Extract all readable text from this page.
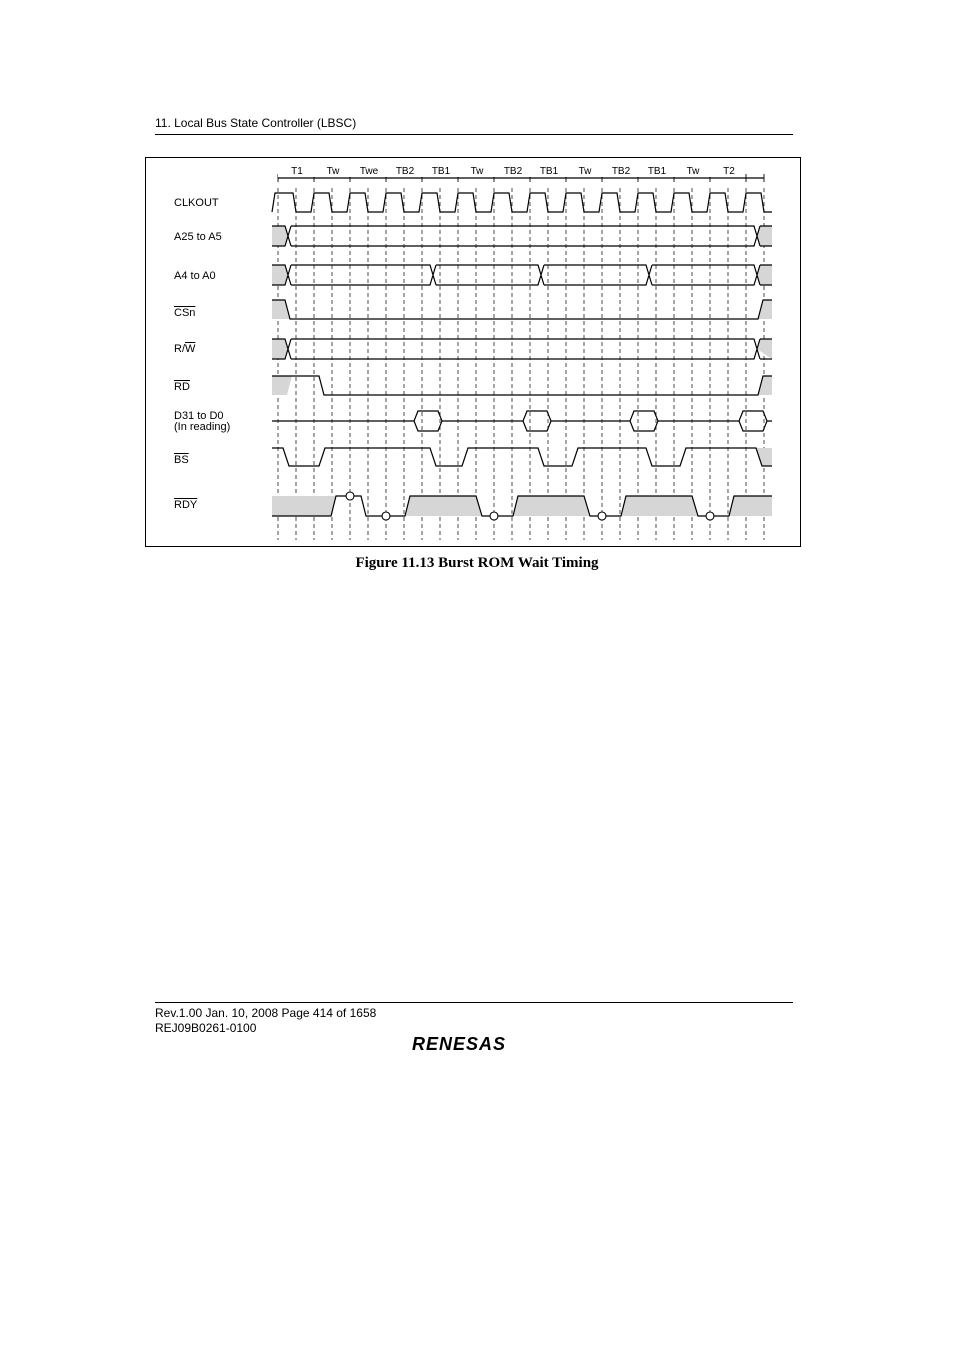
11. Local Bus State Controller (LBSC)
CLKOUT
A25 to A5
A4 to A0
$\overline{CSn}$
$R/\overline{W}$
$\overline{RD}$
D31 to D0
(In reading)
$\overline{BS}$
$\overline{RDY}$
T1	Tw	Twe	TB2	TB1	Tw	TB2	TB1	Tw	TB2	TB1	Tw	T2
Figure 11.13 Burst ROM Wait Timing
Rev.1.00 Jan. 10, 2008 Page 414 of 1658
REJ09B0261-0100
RENESAS
